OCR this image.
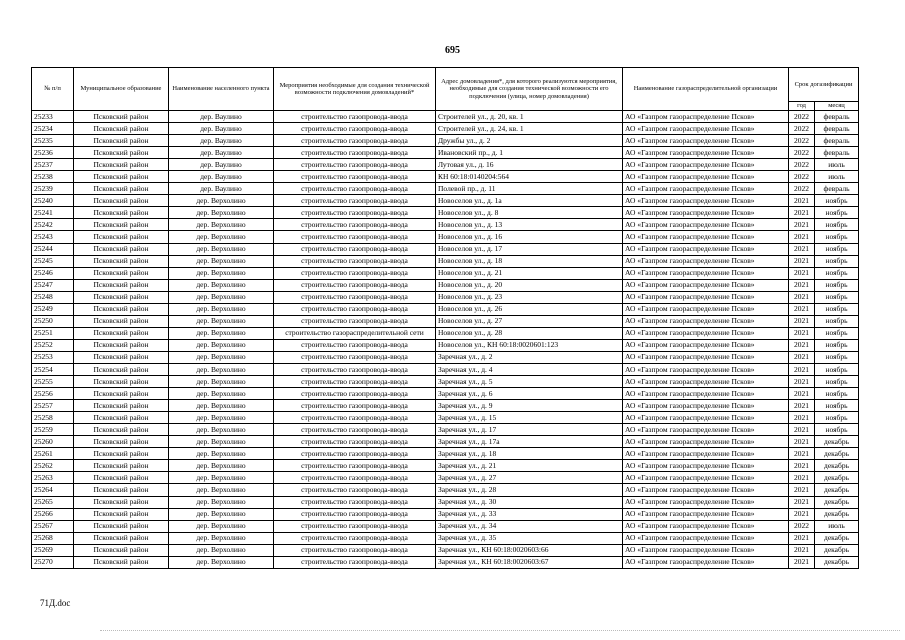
695
№ п/п	Муниципальное образование	Наименование населенного пункта	Мероприятия необходимые для создания технической возможности подключения домовладений*	Адрес домовладения*, для которого реализуются мероприятия, необходимые для создания технической возможности его подключения (улица, номер домовладения)	Наименование газораспределительной организации	Срок догазификации	
						год	месяц
25233	Псковский район	дер. Ваулино	строительство газопровода-ввода	Строителей ул., д. 20, кв. 1	АО «Газпром газораспределение Псков»	2022	февраль
25234	Псковский район	дер. Ваулино	строительство газопровода-ввода	Строителей ул., д. 24, кв. 1	АО «Газпром газораспределение Псков»	2022	февраль
25235	Псковский район	дер. Ваулино	строительство газопровода-ввода	Дружбы ул., д. 2	АО «Газпром газораспределение Псков»	2022	февраль
25236	Псковский район	дер. Ваулино	строительство газопровода-ввода	Ивановский пр., д. 1	АО «Газпром газораспределение Псков»	2022	февраль
25237	Псковский район	дер. Ваулино	строительство газопровода-ввода	Лутовая ул., д. 16	АО «Газпром газораспределение Псков»	2022	июль
25238	Псковский район	дер. Ваулино	строительство газопровода-ввода	КН 60:18:0140204:564	АО «Газпром газораспределение Псков»	2022	июль
25239	Псковский район	дер. Ваулино	строительство газопровода-ввода	Полевой пр., д. 11	АО «Газпром газораспределение Псков»	2022	февраль
25240	Псковский район	дер. Верхолино	строительство газопровода-ввода	Новоселов ул., д. 1а	АО «Газпром газораспределение Псков»	2021	ноябрь
25241	Псковский район	дер. Верхолино	строительство газопровода-ввода	Новоселов ул., д. 8	АО «Газпром газораспределение Псков»	2021	ноябрь
25242	Псковский район	дер. Верхолино	строительство газопровода-ввода	Новоселов ул., д. 13	АО «Газпром газораспределение Псков»	2021	ноябрь
25243	Псковский район	дер. Верхолино	строительство газопровода-ввода	Новоселов ул., д. 16	АО «Газпром газораспределение Псков»	2021	ноябрь
25244	Псковский район	дер. Верхолино	строительство газопровода-ввода	Новоселов ул., д. 17	АО «Газпром газораспределение Псков»	2021	ноябрь
25245	Псковский район	дер. Верхолино	строительство газопровода-ввода	Новоселов ул., д. 18	АО «Газпром газораспределение Псков»	2021	ноябрь
25246	Псковский район	дер. Верхолино	строительство газопровода-ввода	Новоселов ул., д. 21	АО «Газпром газораспределение Псков»	2021	ноябрь
25247	Псковский район	дер. Верхолино	строительство газопровода-ввода	Новоселов ул., д. 20	АО «Газпром газораспределение Псков»	2021	ноябрь
25248	Псковский район	дер. Верхолино	строительство газопровода-ввода	Новоселов ул., д. 23	АО «Газпром газораспределение Псков»	2021	ноябрь
25249	Псковский район	дер. Верхолино	строительство газопровода-ввода	Новоселов ул., д. 26	АО «Газпром газораспределение Псков»	2021	ноябрь
25250	Псковский район	дер. Верхолино	строительство газопровода-ввода	Новоселов ул., д. 27	АО «Газпром газораспределение Псков»	2021	ноябрь
25251	Псковский район	дер. Верхолино	строительство газораспределительной сети	Новоселов ул., д. 28	АО «Газпром газораспределение Псков»	2021	ноябрь
25252	Псковский район	дер. Верхолино	строительство газопровода-ввода	Новоселов ул., КН 60:18:0020601:123	АО «Газпром газораспределение Псков»	2021	ноябрь
25253	Псковский район	дер. Верхолино	строительство газопровода-ввода	Заречная ул., д. 2	АО «Газпром газораспределение Псков»	2021	ноябрь
25254	Псковский район	дер. Верхолино	строительство газопровода-ввода	Заречная ул., д. 4	АО «Газпром газораспределение Псков»	2021	ноябрь
25255	Псковский район	дер. Верхолино	строительство газопровода-ввода	Заречная ул., д. 5	АО «Газпром газораспределение Псков»	2021	ноябрь
25256	Псковский район	дер. Верхолино	строительство газопровода-ввода	Заречная ул., д. 6	АО «Газпром газораспределение Псков»	2021	ноябрь
25257	Псковский район	дер. Верхолино	строительство газопровода-ввода	Заречная ул., д. 9	АО «Газпром газораспределение Псков»	2021	ноябрь
25258	Псковский район	дер. Верхолино	строительство газопровода-ввода	Заречная ул., д. 15	АО «Газпром газораспределение Псков»	2021	ноябрь
25259	Псковский район	дер. Верхолино	строительство газопровода-ввода	Заречная ул., д. 17	АО «Газпром газораспределение Псков»	2021	ноябрь
25260	Псковский район	дер. Верхолино	строительство газопровода-ввода	Заречная ул., д. 17а	АО «Газпром газораспределение Псков»	2021	декабрь
25261	Псковский район	дер. Верхолино	строительство газопровода-ввода	Заречная ул., д. 18	АО «Газпром газораспределение Псков»	2021	декабрь
25262	Псковский район	дер. Верхолино	строительство газопровода-ввода	Заречная ул., д. 21	АО «Газпром газораспределение Псков»	2021	декабрь
25263	Псковский район	дер. Верхолино	строительство газопровода-ввода	Заречная ул., д. 27	АО «Газпром газораспределение Псков»	2021	декабрь
25264	Псковский район	дер. Верхолино	строительство газопровода-ввода	Заречная ул., д. 28	АО «Газпром газораспределение Псков»	2021	декабрь
25265	Псковский район	дер. Верхолино	строительство газопровода-ввода	Заречная ул., д. 30	АО «Газпром газораспределение Псков»	2021	декабрь
25266	Псковский район	дер. Верхолино	строительство газопровода-ввода	Заречная ул., д. 33	АО «Газпром газораспределение Псков»	2021	декабрь
25267	Псковский район	дер. Верхолино	строительство газопровода-ввода	Заречная ул., д. 34	АО «Газпром газораспределение Псков»	2022	июль
25268	Псковский район	дер. Верхолино	строительство газопровода-ввода	Заречная ул., д. 35	АО «Газпром газораспределение Псков»	2021	декабрь
25269	Псковский район	дер. Верхолино	строительство газопровода-ввода	Заречная ул., КН 60:18:0020603:66	АО «Газпром газораспределение Псков»	2021	декабрь
25270	Псковский район	дер. Верхолино	строительство газопровода-ввода	Заречная ул., КН 60:18:0020603:67	АО «Газпром газораспределение Псков»	2021	декабрь
71Д.doc
